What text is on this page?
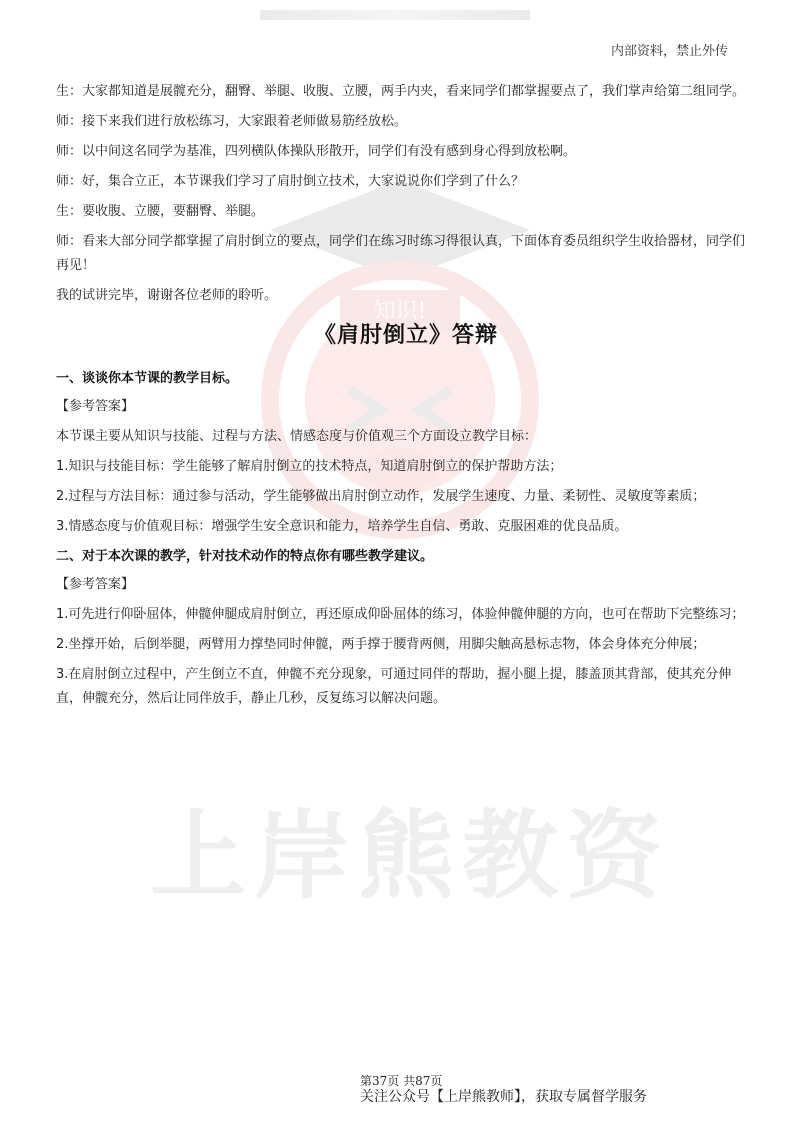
知识!
上岸熊教资
内部资料，禁止外传

生：大家都知道是展髋充分，翻臀、举腿、收腹、立腰，两手内夹，看来同学们都掌握要点了，我们掌声给第二组同学。

师：接下来我们进行放松练习，大家跟着老师做易筋经放松。

师：以中间这名同学为基准，四列横队体操队形散开，同学们有没有感到身心得到放松啊。

师：好，集合立正，本节课我们学习了肩肘倒立技术，大家说说你们学到了什么？

生：要收腹、立腰，要翻臀、举腿。

师：看来大部分同学都掌握了肩肘倒立的要点，同学们在练习时练习得很认真，下面体育委员组织学生收拾器材，同学们再见！

我的试讲完毕，谢谢各位老师的聆听。

《肩肘倒立》答辩

一、谈谈你本节课的教学目标。

【参考答案】

本节课主要从知识与技能、过程与方法、情感态度与价值观三个方面设立教学目标：

1.知识与技能目标：学生能够了解肩肘倒立的技术特点，知道肩肘倒立的保护帮助方法；

2.过程与方法目标：通过参与活动，学生能够做出肩肘倒立动作，发展学生速度、力量、柔韧性、灵敏度等素质；

3.情感态度与价值观目标：增强学生安全意识和能力，培养学生自信、勇敢、克服困难的优良品质。

二、对于本次课的教学，针对技术动作的特点你有哪些教学建议。

【参考答案】

1.可先进行仰卧屈体，伸髋伸腿成肩肘倒立，再还原成仰卧屈体的练习，体验伸髋伸腿的方向，也可在帮助下完整练习；

2.坐撑开始，后倒举腿，两臂用力撑垫同时伸髋，两手撑于腰背两侧，用脚尖触高悬标志物，体会身体充分伸展；

3.在肩肘倒立过程中，产生倒立不直，伸髋不充分现象，可通过同伴的帮助，握小腿上提，膝盖顶其背部，使其充分伸直，伸髋充分，然后让同伴放手，静止几秒，反复练习以解决问题。

第37页 共87页
关注公众号【上岸熊教师】，获取专属督学服务
